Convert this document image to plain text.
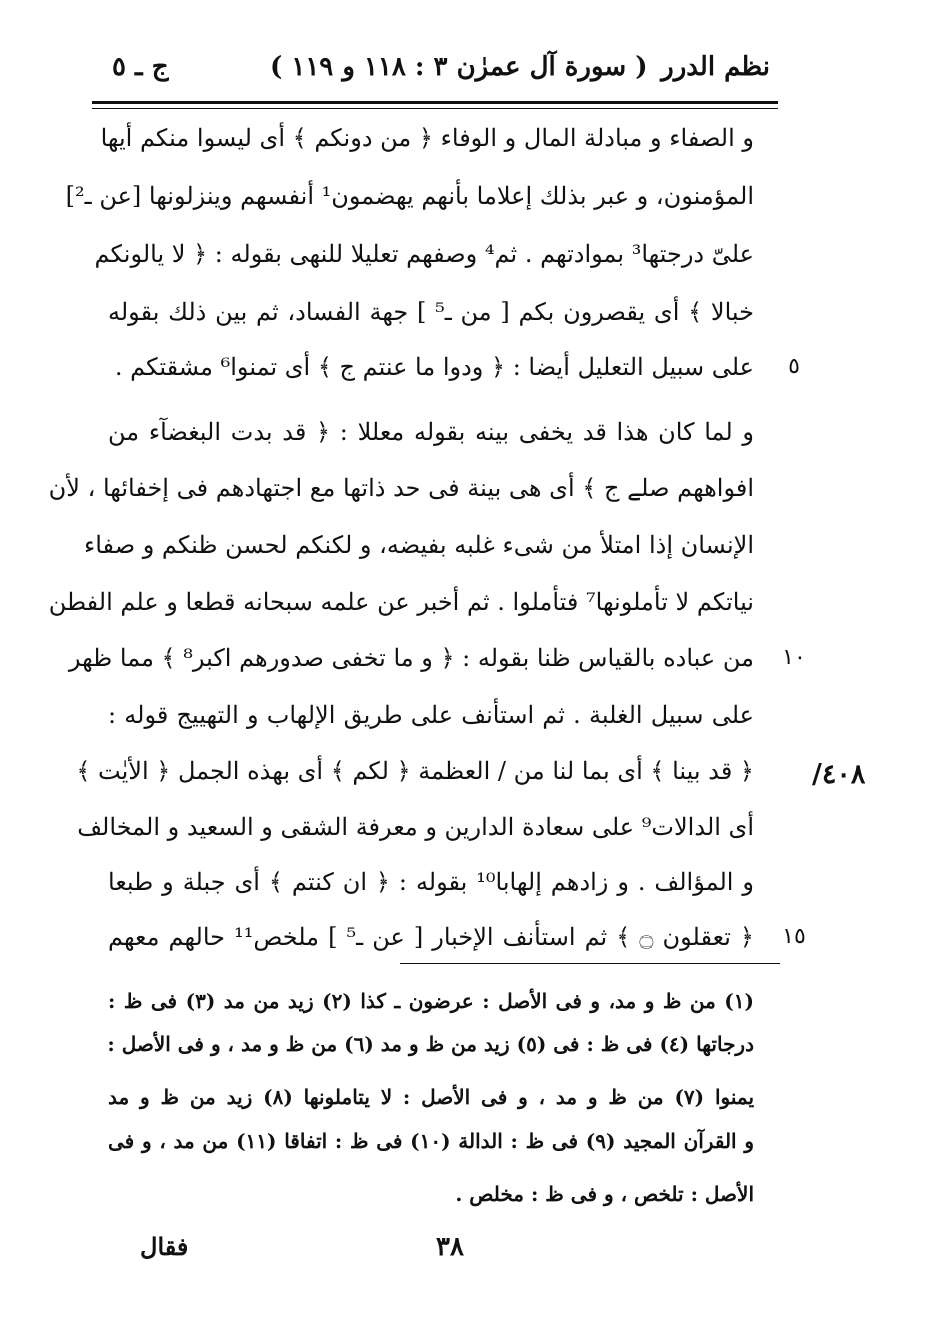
نظم الدرر
( سورة آل عمرٰن ٣ : ١١٨ و ١١٩ )
ج ـ ٥
و الصفاء و مبادلة المال و الوفاء ﴿ من دونكم ﴾ أى ليسوا منكم أيها
المؤمنون، و عبر بذلك إعلاما بأنهم يهضمون¹ أنفسهم وينزلونها [عن ـ²]
علىّ درجتها³ بموادتهم . ثم⁴ وصفهم تعليلا للنهى بقوله : ﴿ لا يالونكم
خبالا ﴾ أى يقصرون بكم [ من ـ⁵ ] جهة الفساد، ثم بين ذلك بقوله
على سبيل التعليل أيضا : ﴿ ودوا ما عنتم ج ﴾ أى تمنوا⁶ مشقتكم .	٥
و لما كان هذا قد يخفى بينه بقوله معللا : ﴿ قد بدت البغضآء من
افواههم صلے ج ﴾ أى هى بينة فى حد ذاتها مع اجتهادهم فى إخفائها ، لأن
الإنسان إذا امتلأ من شىء غلبه بفيضه، و لكنكم لحسن ظنكم و صفاء
نياتكم لا تأملونها⁷ فتأملوا . ثم أخبر عن علمه سبحانه قطعا و علم الفطن
من عباده بالقياس ظنا بقوله : ﴿ و ما تخفى صدورهم اكبر⁸ ﴾ مما ظهر	١٠
على سبيل الغلبة . ثم استأنف على طريق الإلهاب و التهييج قوله :
﴿ قد بينا ﴾ أى بما لنا من / العظمة ﴿ لكم ﴾ أى بهذه الجمل ﴿ الأيٰت ﴾ ٤٠٨/
أى الدالات⁹ على سعادة الدارين و معرفة الشقى و السعيد و المخالف
و المؤالف . و زادهم إلهابا¹⁰ بقوله : ﴿ ان كنتم ﴾ أى جبلة و طبعا
﴿ تعقلون ۝ ﴾ ثم استأنف الإخبار [ عن ـ⁵ ] ملخص¹¹ حالهم معهم	١٥
(١) من ظ و مد، و فى الأصل : عرضون ـ كذا (٢) زيد من مد (٣) فى ظ :
درجاتها (٤) فى ظ : فى (٥) زيد من ظ و مد (٦) من ظ و مد ، و فى الأصل :
يمنوا (٧) من ظ و مد ، و فى الأصل : لا يتاملونها (٨) زيد من ظ و مد
و القرآن المجيد (٩) فى ظ : الدالة (١٠) فى ظ : اتفاقا (١١) من مد ، و فى
الأصل : تلخص ، و فى ظ : مخلص .
٣٨
فقال
